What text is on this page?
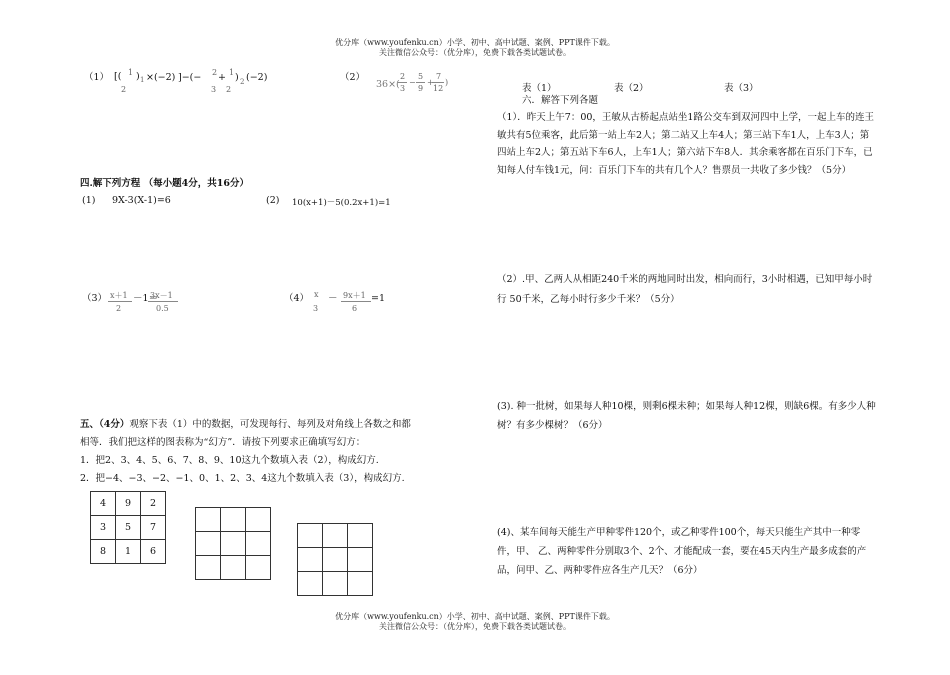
优分库（www.youfenku.cn）小学、初中、高中试题、案例、PPT课件下载。
关注微信公众号：（优分库），免费下载各类试题试卷。
（1） [( 1
2
) 1 ×(−2) ]−(− 2
3
+ 1
2
) 2 (−2)	（2）
36×(
2
3
−
5
9
+
7
12
)
四.解下列方程 （每小题4分，共16分）
(1) 9X-3(X-1)=6	(2) 10(x+1)－5(0.2x+1)=1
（3） x＋1
2
－1＝
3x－1
0.5
（4） x
3
－ 9x＋1
6
=1
五、（4分）观察下表（1）中的数据，可发现每行、每列及对角线上各数之和都
相等．我们把这样的图表称为“幻方”．请按下列要求正确填写幻方：
1．把2、3、4、5、6、7、8、9、10这九个数填入表（2），构成幻方.
2．把−4、−3、−2、−1、0、1、2、3、4这九个数填入表（3），构成幻方.
4	9	2
3	5	7
8	1	6

表（1）	表（2）	表（3）
六．解答下列各题
（1）．昨天上午7：00，王敏从古桥起点站坐1路公交车到双河四中上学，一起上车的连王敏共有5位乘客，此后第一站上车2人；第二站又上车4人；第三站下车1人，上车3人；第四站上车2人；第五站下车6人，上车1人；第六站下车8人．其余乘客都在百乐门下车，已知每人付车钱1元，问：百乐门下车的共有几个人？售票员一共收了多少钱？（5分）
（2）.甲、乙两人从相距240千米的两地同时出发，相向而行，3小时相遇，已知甲每小时行 50千米，乙每小时行多少千米？（5分）
(3). 种一批树，如果每人种10棵，则剩6棵未种；如果每人种12棵，则缺6棵。有多少人种树？有多少棵树？（6分）
(4)、某车间每天能生产甲种零件120个，或乙种零件100个，每天只能生产其中一种零件，甲、 乙、两种零件分别取3个、2个、才能配成一套，要在45天内生产最多成套的产品，问甲、乙、两种零件应各生产几天？（6分）
优分库（www.youfenku.cn）小学、初中、高中试题、案例、PPT课件下载。
关注微信公众号：（优分库），免费下载各类试题试卷。
